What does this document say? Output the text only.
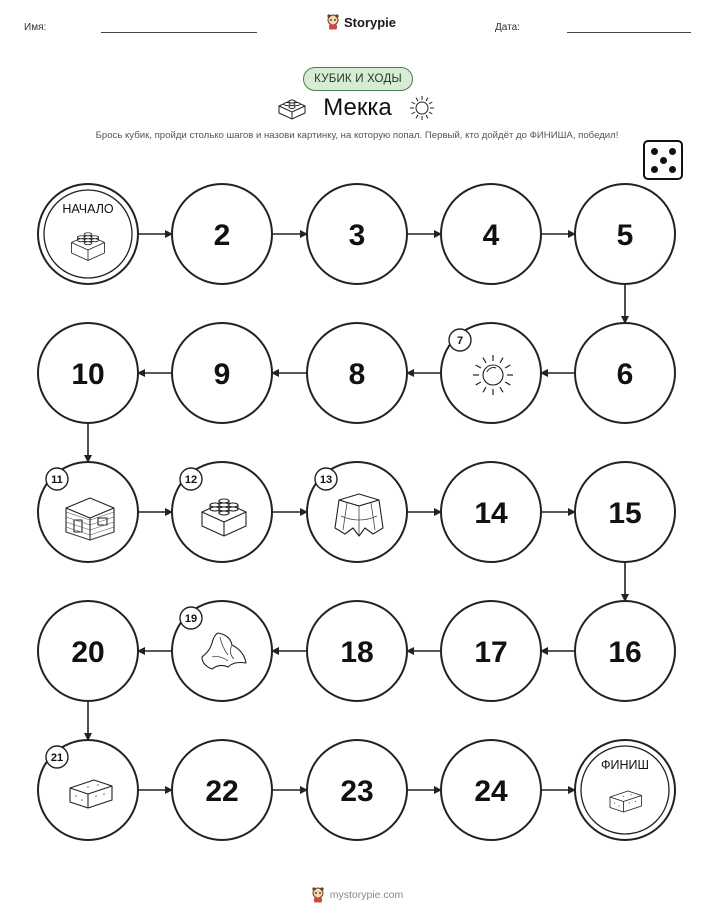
Имя:	Storypie	Дата:
КУБИК И ХОДЫ
Мекка
Брось кубик, пройди столько шагов и назови картинку, на которую попал. Первый, кто дойдёт до ФИНИША, победил!
НАЧАЛО
2	3	4	5
6
7
8
9
10
11	12	13
14	15
16
17
18
19
20
21
22	23	24
ФИНИШ
mystorypie.com
